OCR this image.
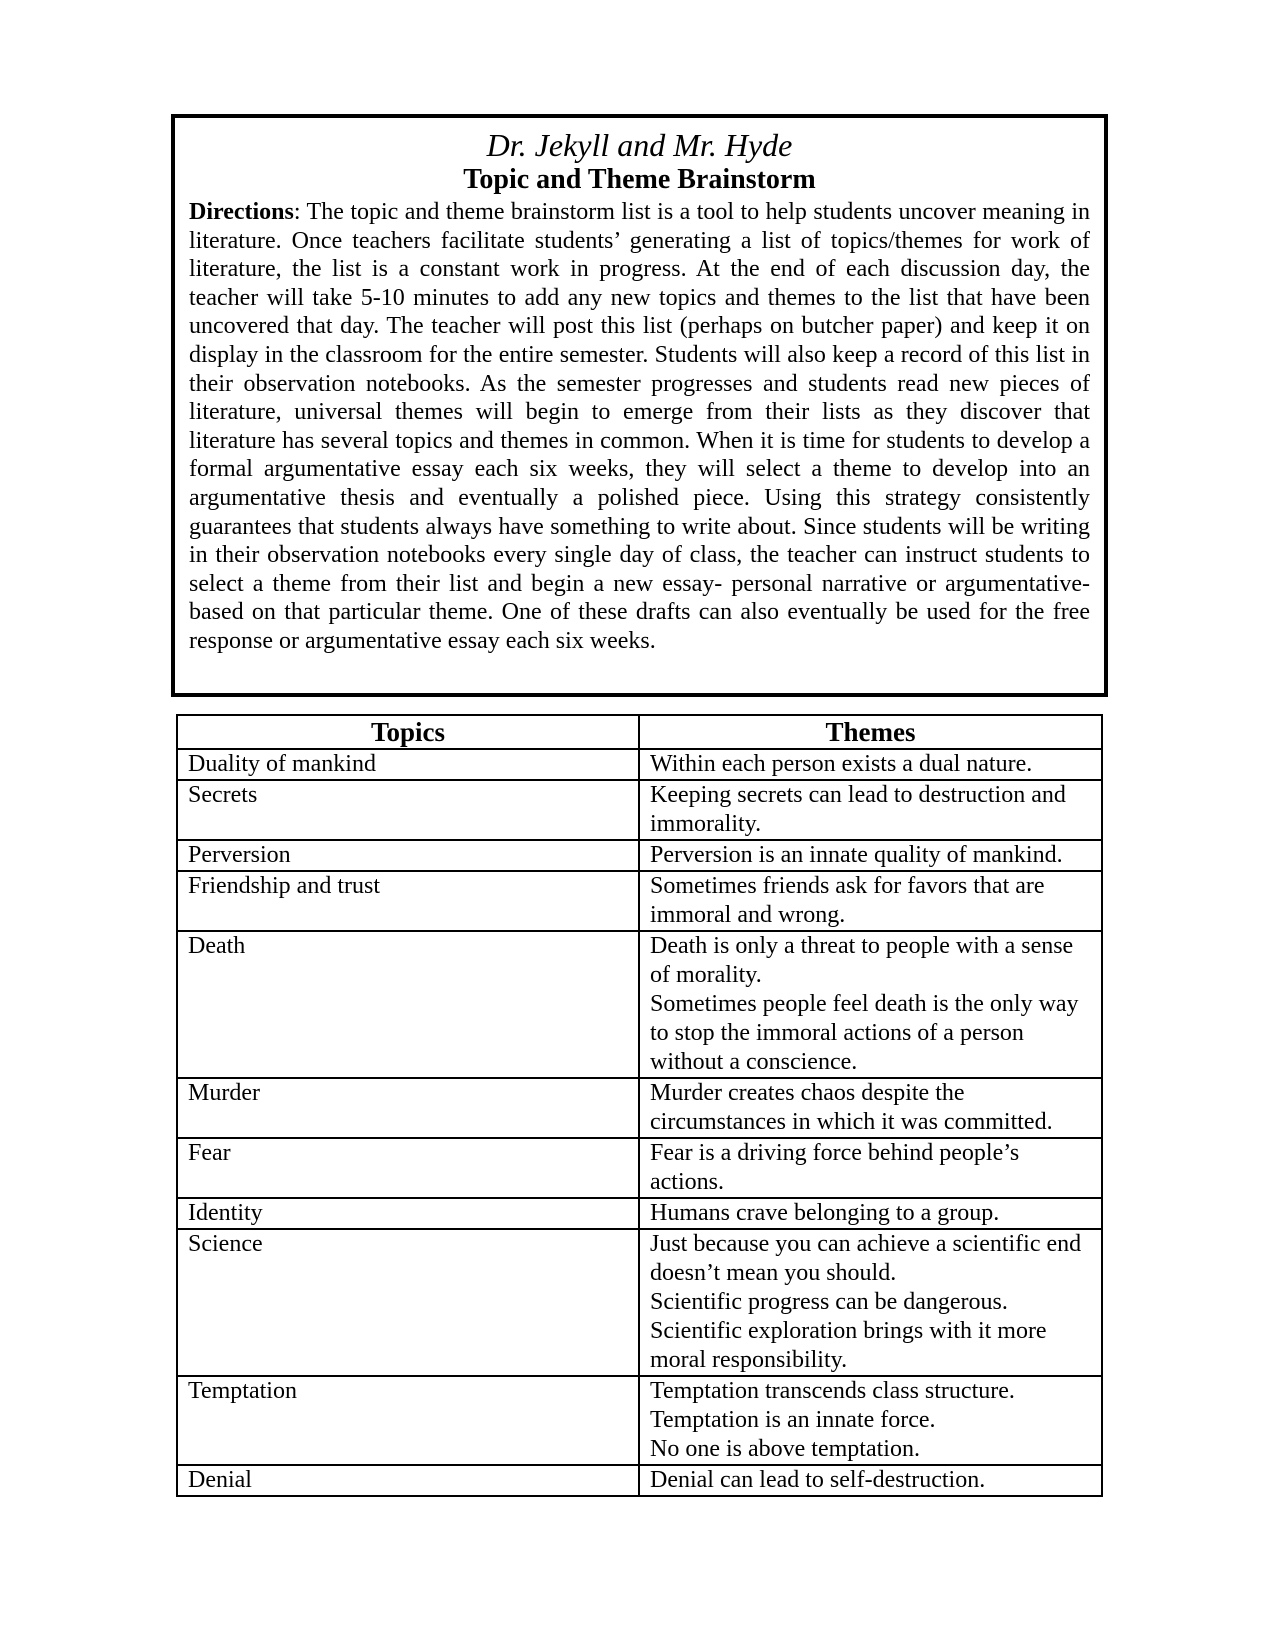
Dr. Jekyll and Mr. Hyde
Topic and Theme Brainstorm

Directions: The topic and theme brainstorm list is a tool to help students uncover meaning in literature. Once teachers facilitate students’ generating a list of topics/themes for work of literature, the list is a constant work in progress. At the end of each discussion day, the teacher will take 5-10 minutes to add any new topics and themes to the list that have been uncovered that day. The teacher will post this list (perhaps on butcher paper) and keep it on display in the classroom for the entire semester. Students will also keep a record of this list in their observation notebooks. As the semester progresses and students read new pieces of literature, universal themes will begin to emerge from their lists as they discover that literature has several topics and themes in common. When it is time for students to develop a formal argumentative essay each six weeks, they will select a theme to develop into an argumentative thesis and eventually a polished piece. Using this strategy consistently guarantees that students always have something to write about. Since students will be writing in their observation notebooks every single day of class, the teacher can instruct students to select a theme from their list and begin a new essay- personal narrative or argumentative- based on that particular theme. One of these drafts can also eventually be used for the free response or argumentative essay each six weeks.

Topics	Themes
Duality of mankind	Within each person exists a dual nature.

Secrets	Keeping secrets can lead to destruction and immorality.

Perversion	Perversion is an innate quality of mankind.

Friendship and trust	Sometimes friends ask for favors that are immoral and wrong.

Death	Death is only a threat to people with a sense of morality.
Sometimes people feel death is the only way to stop the immoral actions of a person without a conscience.

Murder	Murder creates chaos despite the circumstances in which it was committed.

Fear	Fear is a driving force behind people’s actions.

Identity	Humans crave belonging to a group.

Science	Just because you can achieve a scientific end doesn’t mean you should.
Scientific progress can be dangerous.
Scientific exploration brings with it more moral responsibility.

Temptation	Temptation transcends class structure.
Temptation is an innate force.
No one is above temptation.

Denial	Denial can lead to self-destruction.
